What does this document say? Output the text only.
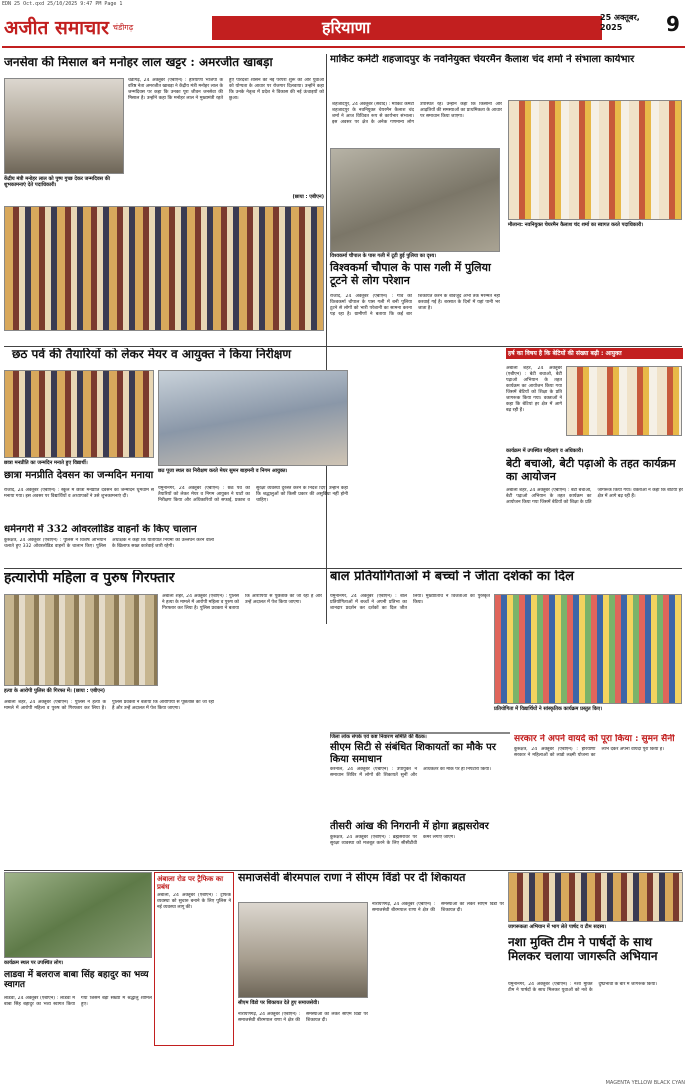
EDN 25 Oct.qxd 25/10/2025 9:47 PM Page 1
अजीत समाचार चंडीगढ़	हरियाणा
25 अक्तूबर, 2025	9
जनसेवा की मिसाल बने मनोहर लाल खट्टर : अमरजीत खाबड़ा
केंद्रीय मंत्री मनोहर लाल को पुष्प गुच्छ देकर जन्मदिवस की शुभकामनाएं देते पदाधिकारी।
(छाया : एबीएन)
चंडीगढ़, 24 अक्तूबर (एबीएन) : हरियाणा भाजपा के वरिष्ठ नेता अमरजीत खाबड़ा ने केंद्रीय मंत्री मनोहर लाल के जन्मदिवस पर कहा कि उनका पूरा जीवन जनसेवा की मिसाल है। उन्होंने कहा कि मनोहर लाल ने मुख्यमंत्री रहते हुए पारदर्शी शासन की नई परंपरा शुरू की और युवाओं को योग्यता के आधार पर रोजगार दिलवाया। उन्होंने कहा कि उनके नेतृत्व में प्रदेश ने विकास की नई ऊंचाइयों को छुआ।
मार्किट कमेटी शहजादपुर के नवनियुक्त चेयरमैन कैलाश चंद शर्मा ने संभाला कार्यभार
शहजादपुर, 24 अक्तूबर (संवाद) : मार्किट कमेटी शहजादपुर के नवनियुक्त चेयरमैन कैलाश चंद शर्मा ने आज विधिवत रूप से कार्यभार संभाला। इस अवसर पर क्षेत्र के अनेक गणमान्य लोग उपस्थित रहे। उन्होंने कहा कि किसानों और आढ़तियों की समस्याओं का प्राथमिकता के आधार पर समाधान किया जाएगा।
मौलाना: नवनियुक्त चेयरमैन कैलाश चंद शर्मा का स्वागत करते पदाधिकारी।
विश्वकर्मा चौपाल के पास गली में टूटी हुई पुलिया का दृश्य।
विश्वकर्मा चौपाल के पास गली में पुलिया टूटने से लोग परेशान
राजौंद, 24 अक्तूबर (एबीएन) : गांव की विश्वकर्मा चौपाल के पास गली में बनी पुलिया टूटने से लोगों को भारी परेशानी का सामना करना पड़ रहा है। ग्रामीणों ने बताया कि कई बार शिकायत करने के बावजूद अभी तक मरम्मत नहीं करवाई गई है। बरसात के दिनों में यहां पानी भर जाता है।
छठ पर्व की तैयारियों को लेकर मेयर व आयुक्त ने किया निरीक्षण
छठ पूजा स्थल का निरीक्षण करते मेयर सुमन बाहमनी व निगम आयुक्त।
यमुनानगर, 24 अक्तूबर (एबीएन) : छठ पर्व की तैयारियों को लेकर मेयर व निगम आयुक्त ने घाटों का निरीक्षण किया और अधिकारियों को सफाई, प्रकाश व सुरक्षा व्यवस्था दुरुस्त करने के निर्देश दिए। उन्होंने कहा कि श्रद्धालुओं को किसी प्रकार की असुविधा नहीं होनी चाहिए।
छात्रा मनप्रीति का जन्मदिन मनाते हुए विद्यार्थी।
छात्रा मनप्रीति देवसन का जन्मदिन मनाया
राजौंद, 24 अक्तूबर (एबीएन) : स्कूल में छात्रा मनप्रीति देवसन का जन्मदिन धूमधाम से मनाया गया। इस अवसर पर विद्यार्थियों व अध्यापकों ने उसे शुभकामनाएं दीं।
धर्मनगरी में 332 ओवरलोडिड वाहनों के किए चालान
कुरुक्षेत्र, 24 अक्तूबर (एबीएन) : पुलिस ने विशेष अभियान चलाते हुए 332 ओवरलोडिड वाहनों के चालान किए। पुलिस अधीक्षक ने कहा कि यातायात नियमों का उल्लंघन करने वालों के खिलाफ सख्त कार्रवाई जारी रहेगी।
हर्ष का विषय है कि बेटियों की संख्या बढ़ी : आयुक्त
अंबाला शहर, 24 अक्तूबर (एबीएन) : बेटी बचाओ, बेटी पढ़ाओ अभियान के तहत कार्यक्रम का आयोजन किया गया जिसमें बेटियों को शिक्षा के प्रति जागरूक किया गया। वक्ताओं ने कहा कि बेटियां हर क्षेत्र में आगे बढ़ रही हैं।
कार्यक्रम में उपस्थित महिलाएं व अधिकारी।
बेटी बचाओ, बेटी पढ़ाओ के तहत कार्यक्रम का आयोजन
अंबाला शहर, 24 अक्तूबर (एबीएन) : बेटी बचाओ, बेटी पढ़ाओ अभियान के तहत कार्यक्रम का आयोजन किया गया जिसमें बेटियों को शिक्षा के प्रति जागरूक किया गया। वक्ताओं ने कहा कि बेटियां हर क्षेत्र में आगे बढ़ रही हैं।
हत्यारोपी महिला व पुरुष गिरफ्तार
हत्या के आरोपी पुलिस की गिरफ्त में। (छाया : एबीएन)
अंबाला शहर, 24 अक्तूबर (एबीएन) : पुलिस ने हत्या के मामले में आरोपी महिला व पुरुष को गिरफ्तार कर लिया है। पुलिस प्रवक्ता ने बताया कि आरोपियों से पूछताछ की जा रही है और उन्हें अदालत में पेश किया जाएगा।
अंबाला शहर, 24 अक्तूबर (एबीएन) : पुलिस ने हत्या के मामले में आरोपी महिला व पुरुष को गिरफ्तार कर लिया है। पुलिस प्रवक्ता ने बताया कि आरोपियों से पूछताछ की जा रही है और उन्हें अदालत में पेश किया जाएगा।
बाल प्रतियोगिताओं में बच्चों ने जीता दर्शकों का दिल
यमुनानगर, 24 अक्तूबर (एबीएन) : बाल प्रतियोगिताओं में बच्चों ने अपनी प्रतिभा का शानदार प्रदर्शन कर दर्शकों का दिल जीत लिया। मुख्यातिथि ने विजेताओं को पुरस्कृत किया।
प्रतियोगिता में विद्यार्थियों ने सांस्कृतिक कार्यक्रम प्रस्तुत किए।
जिला लोक संपर्क एवं कष्ट निवारण समिति की बैठक।
सीएम सिटी से संबंधित शिकायतों का मौके पर किया समाधान
करनाल, 24 अक्तूबर (एबीएन) : उपायुक्त ने समाधान शिविर में लोगों की शिकायतें सुनीं और अधिकतर का मौके पर ही निपटारा किया।
तीसरी आंख की निगरानी में होगा ब्रह्मसरोवर
कुरुक्षेत्र, 24 अक्तूबर (एबीएन) : ब्रह्मसरोवर पर सुरक्षा व्यवस्था को मजबूत करने के लिए सीसीटीवी कैमरे लगाए जाएंगे।
सरकार ने अपने वायदे को पूरा किया : सुमन सैनी
कुरुक्षेत्र, 24 अक्तूबर (एबीएन) : हरियाणा सरकार ने महिलाओं को लाडो लक्ष्मी योजना का लाभ देकर अपना वायदा पूरा किया है।
अंबाला रोड पर ट्रैफिक का प्रबंध
अंबाला, 24 अक्तूबर (एबीएन) : ट्रैफिक व्यवस्था को सुचारु बनाने के लिए पुलिस ने नई व्यवस्था लागू की।
कार्यक्रम स्थल पर उपस्थित लोग।
लाडवा में बलराज बाबा सिंह बहादुर का भव्य स्वागत
लाडवा, 24 अक्तूबर (एबीएन) : लाडवा में बाबा सिंह बहादुर का भव्य स्वागत किया गया जिसमें बड़ी संख्या में श्रद्धालु शामिल हुए।
समाजसेवी बीरमपाल राणा ने सीएम विंडो पर दी शिकायत
सीएम विंडो पर शिकायत देते हुए समाजसेवी।
नारायणगढ़, 24 अक्तूबर (एबीएन) : समाजसेवी बीरमपाल राणा ने क्षेत्र की समस्याओं को लेकर सीएम विंडो पर शिकायत दी।
नारायणगढ़, 24 अक्तूबर (एबीएन) : समाजसेवी बीरमपाल राणा ने क्षेत्र की समस्याओं को लेकर सीएम विंडो पर शिकायत दी।
जागरूकता अभियान में भाग लेते पार्षद व टीम सदस्य।
नशा मुक्ति टीम ने पार्षदों के साथ मिलकर चलाया जागरूति अभियान
यमुनानगर, 24 अक्तूबर (एबीएन) : नशा मुक्ति टीम ने पार्षदों के साथ मिलकर युवाओं को नशे के दुष्प्रभावों के बारे में जागरूक किया।
MAGENTA YELLOW BLACK CYAN
